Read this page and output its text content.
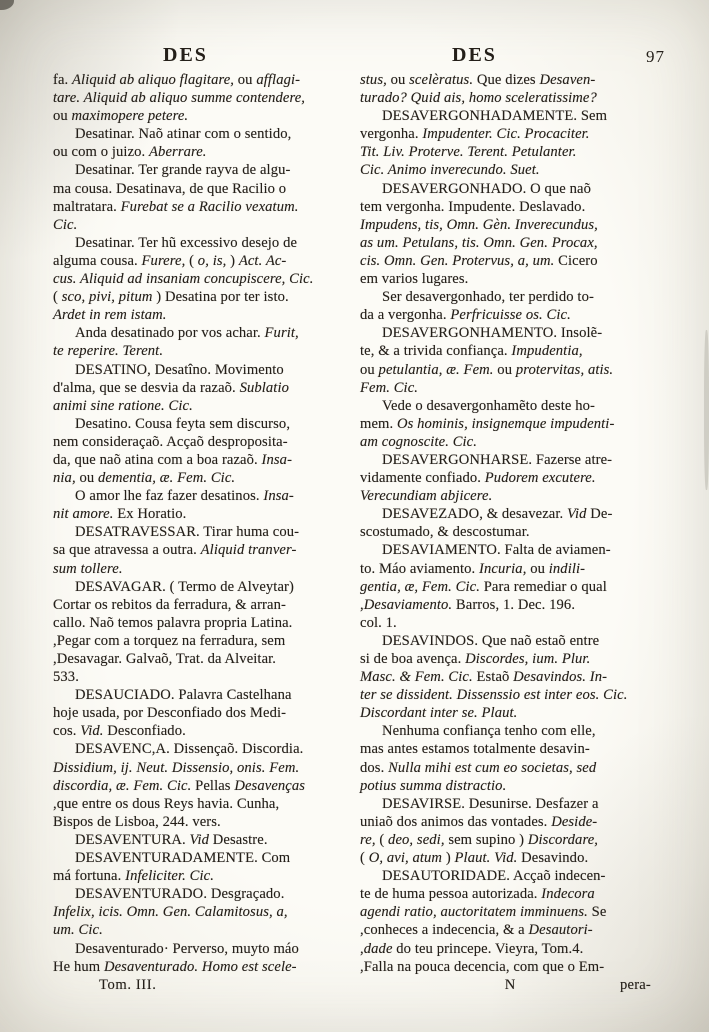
DES	DES	97
fa. Aliquid ab aliquo flagitare, ou afflagi-
tare. Aliquid ab aliquo summe contendere,
ou maximopere petere.
Desatinar. Naõ atinar com o sentido,
ou com o juizo. Aberrare.
Desatinar. Ter grande rayva de algu-
ma cousa. Desatinava, de que Racilio o
maltratara. Furebat se a Racilio vexatum.
Cic.
Desatinar. Ter hũ excessivo desejo de
alguma cousa. Furere, ( o, is, ) Act. Ac-
cus. Aliquid ad insaniam concupiscere, Cic.
( sco, pivi, pitum ) Desatina por ter isto.
Ardet in rem istam.
Anda desatinado por vos achar. Furit,
te reperire. Terent.
DESATINO, Desatîno. Movimento
d'alma, que se desvia da razaõ. Sublatio
animi sine ratione. Cic.
Desatino. Cousa feyta sem discurso,
nem consideraçaõ. Acçaõ desproposita-
da, que naõ atina com a boa razaõ. Insa-
nia, ou dementia, æ. Fem. Cic.
O amor lhe faz fazer desatinos. Insa-
nit amore. Ex Horatio.
DESATRAVESSAR. Tirar huma cou-
sa que atravessa a outra. Aliquid tranver-
sum tollere.
DESAVAGAR. ( Termo de Alveytar)
Cortar os rebitos da ferradura, & arran-
callo. Naõ temos palavra propria Latina.
,Pegar com a torquez na ferradura, sem
,Desavagar. Galvaõ, Trat. da Alveitar.
533.
DESAUCIADO. Palavra Castelhana
hoje usada, por Desconfiado dos Medi-
cos. Vid. Desconfiado.
DESAVENC,A. Dissençaõ. Discordia.
Dissidium, ij. Neut. Dissensio, onis. Fem.
discordia, æ. Fem. Cic. Pellas Desavenças
,que entre os dous Reys havia. Cunha,
Bispos de Lisboa, 244. vers.
DESAVENTURA. Vid Desastre.
DESAVENTURADAMENTE. Com
má fortuna. Infeliciter. Cic.
DESAVENTURADO. Desgraçado.
Infelix, icis. Omn. Gen. Calamitosus, a,
um. Cic.
Desaventurado· Perverso, muyto máo
He hum Desaventurado. Homo est scele-
Tom. III.
stus, ou scelèratus. Que dizes Desaven-
turado? Quid ais, homo sceleratissime?
DESAVERGONHADAMENTE. Sem
vergonha. Impudenter. Cic. Procaciter.
Tit. Liv. Proterve. Terent. Petulanter.
Cic. Animo inverecundo. Suet.
DESAVERGONHADO. O que naõ
tem vergonha. Impudente. Deslavado.
Impudens, tis, Omn. Gèn. Inverecundus,
as um. Petulans, tis. Omn. Gen. Procax,
cis. Omn. Gen. Protervus, a, um. Cicero
em varios lugares.
Ser desavergonhado, ter perdido to-
da a vergonha. Perfricuisse os. Cic.
DESAVERGONHAMENTO. Insolẽ-
te, & a trivida confiança. Impudentia,
ou petulantia, æ. Fem. ou protervitas, atis.
Fem. Cic.
Vede o desavergonhamẽto deste ho-
mem. Os hominis, insignemque impudenti-
am cognoscite. Cic.
DESAVERGONHARSE. Fazerse atre-
vidamente confiado. Pudorem excutere.
Verecundiam abjicere.
DESAVEZADO, & desavezar. Vid De-
scostumado, & descostumar.
DESAVIAMENTO. Falta de aviamen-
to. Máo aviamento. Incuria, ou indili-
gentia, æ, Fem. Cic. Para remediar o qual
,Desaviamento. Barros, 1. Dec. 196.
col. 1.
DESAVINDOS. Que naõ estaõ entre
si de boa avença. Discordes, ium. Plur.
Masc. & Fem. Cic. Estaõ Desavindos. In-
ter se dissident. Dissenssio est inter eos. Cic.
Discordant inter se. Plaut.
Nenhuma confiança tenho com elle,
mas antes estamos totalmente desavin-
dos. Nulla mihi est cum eo societas, sed
potius summa distractio.
DESAVIRSE. Desunirse. Desfazer a
uniaõ dos animos das vontades. Deside-
re, ( deo, sedi, sem supino ) Discordare,
( O, avi, atum ) Plaut. Vid. Desavindo.
DESAUTORIDADE. Acçaõ indecen-
te de huma pessoa autorizada. Indecora
agendi ratio, auctoritatem imminuens. Se
,conheces a indecencia, & a Desautori-
,dade do teu princepe. Vieyra, Tom.4.
,Falla na pouca decencia, com que o Em-
N	pera-
